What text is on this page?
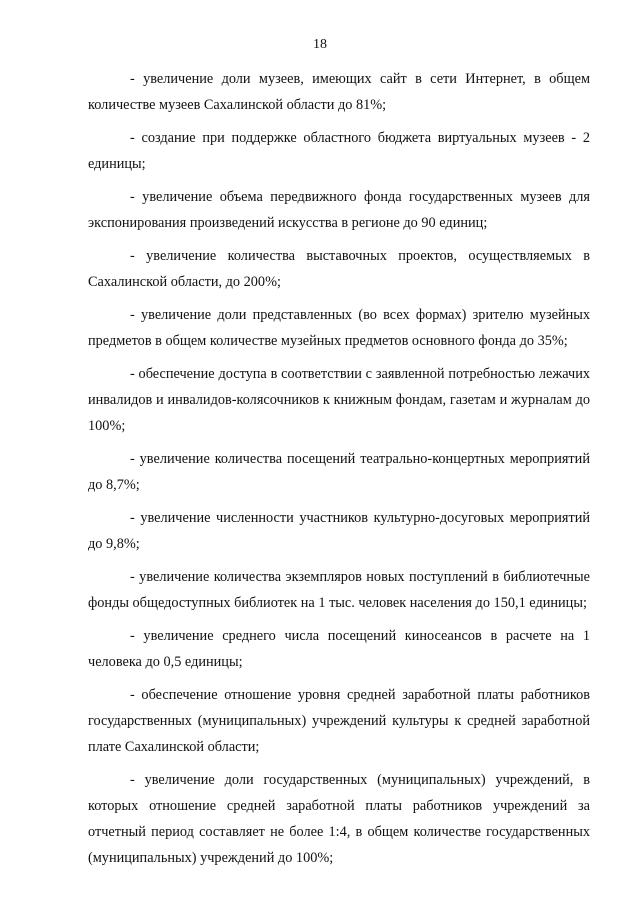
18

- увеличение доли музеев, имеющих сайт в сети Интернет, в общем количестве музеев Сахалинской области до 81%;

- создание при поддержке областного бюджета виртуальных музеев - 2 единицы;

- увеличение объема передвижного фонда государственных музеев для экспонирования произведений искусства в регионе до 90 единиц;

- увеличение количества выставочных проектов, осуществляемых в Сахалинской области, до 200%;

- увеличение доли представленных (во всех формах) зрителю музейных предметов в общем количестве музейных предметов основного фонда до 35%;

- обеспечение доступа в соответствии с заявленной потребностью лежачих инвалидов и инвалидов-колясочников к книжным фондам, газетам и журналам до 100%;

- увеличение количества посещений театрально-концертных мероприятий до 8,7%;

- увеличение численности участников культурно-досуговых мероприятий до 9,8%;

- увеличение количества экземпляров новых поступлений в библиотечные фонды общедоступных библиотек на 1 тыс. человек населения до 150,1 единицы;

- увеличение среднего числа посещений киносеансов в расчете на 1 человека до 0,5 единицы;

- обеспечение отношение уровня средней заработной платы работников государственных (муниципальных) учреждений культуры к средней заработной плате Сахалинской области;

- увеличение доли государственных (муниципальных) учреждений, в которых отношение средней заработной платы работников учреждений за отчетный период составляет не более 1:4, в общем количестве государственных (муниципальных) учреждений до 100%;
